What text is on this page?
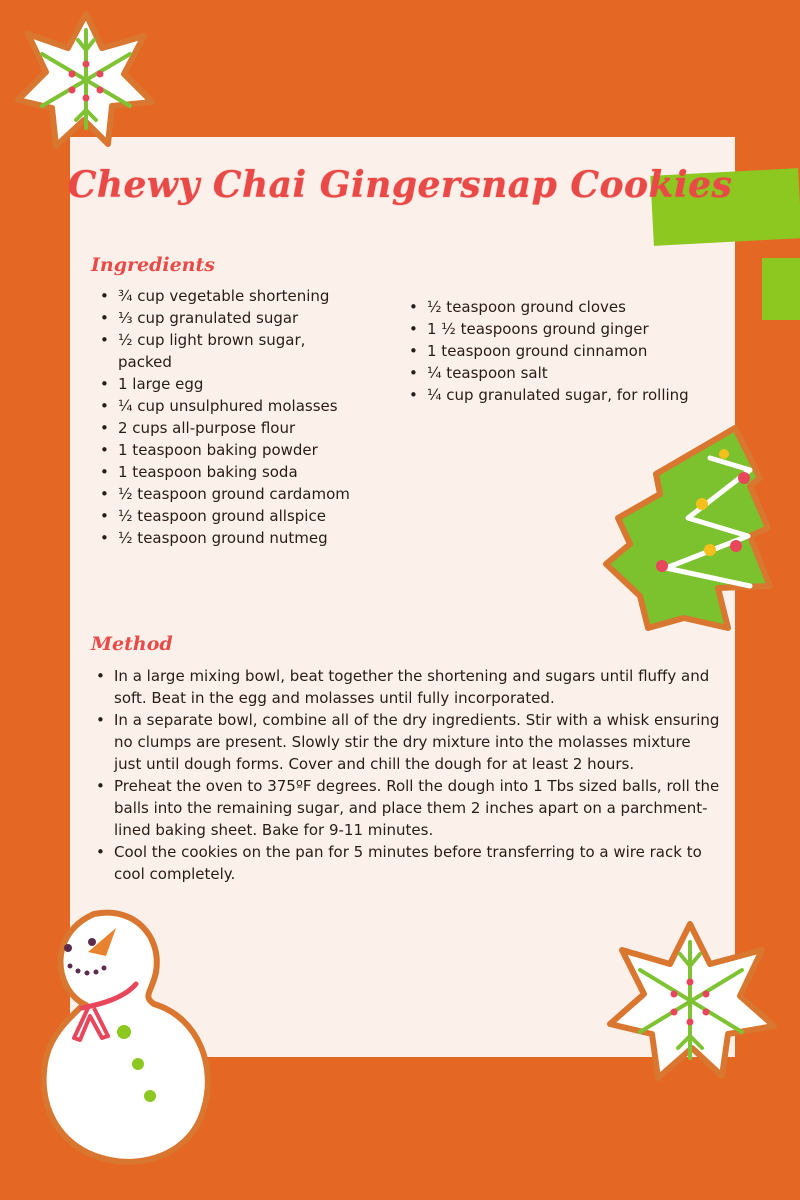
Chewy Chai Gingersnap Cookies
Ingredients
• ¾ cup vegetable shortening
• ⅓ cup granulated sugar
• ½ cup light brown sugar, packed
• 1 large egg
• ¼ cup unsulphured molasses
• 2 cups all-purpose flour
• 1 teaspoon baking powder
• 1 teaspoon baking soda
• ½ teaspoon ground cardamom
• ½ teaspoon ground allspice
• ½ teaspoon ground nutmeg
• ½ teaspoon ground cloves
• 1 ½ teaspoons ground ginger
• 1 teaspoon ground cinnamon
• ¼ teaspoon salt
• ¼ cup granulated sugar, for rolling
Method
• In a large mixing bowl, beat together the shortening and sugars until fluffy and soft. Beat in the egg and molasses until fully incorporated.
• In a separate bowl, combine all of the dry ingredients. Stir with a whisk ensuring no clumps are present. Slowly stir the dry mixture into the molasses mixture just until dough forms. Cover and chill the dough for at least 2 hours.
• Preheat the oven to 375ºF degrees. Roll the dough into 1 Tbs sized balls, roll the balls into the remaining sugar, and place them 2 inches apart on a parchment-lined baking sheet. Bake for 9-11 minutes.
• Cool the cookies on the pan for 5 minutes before transferring to a wire rack to cool completely.
